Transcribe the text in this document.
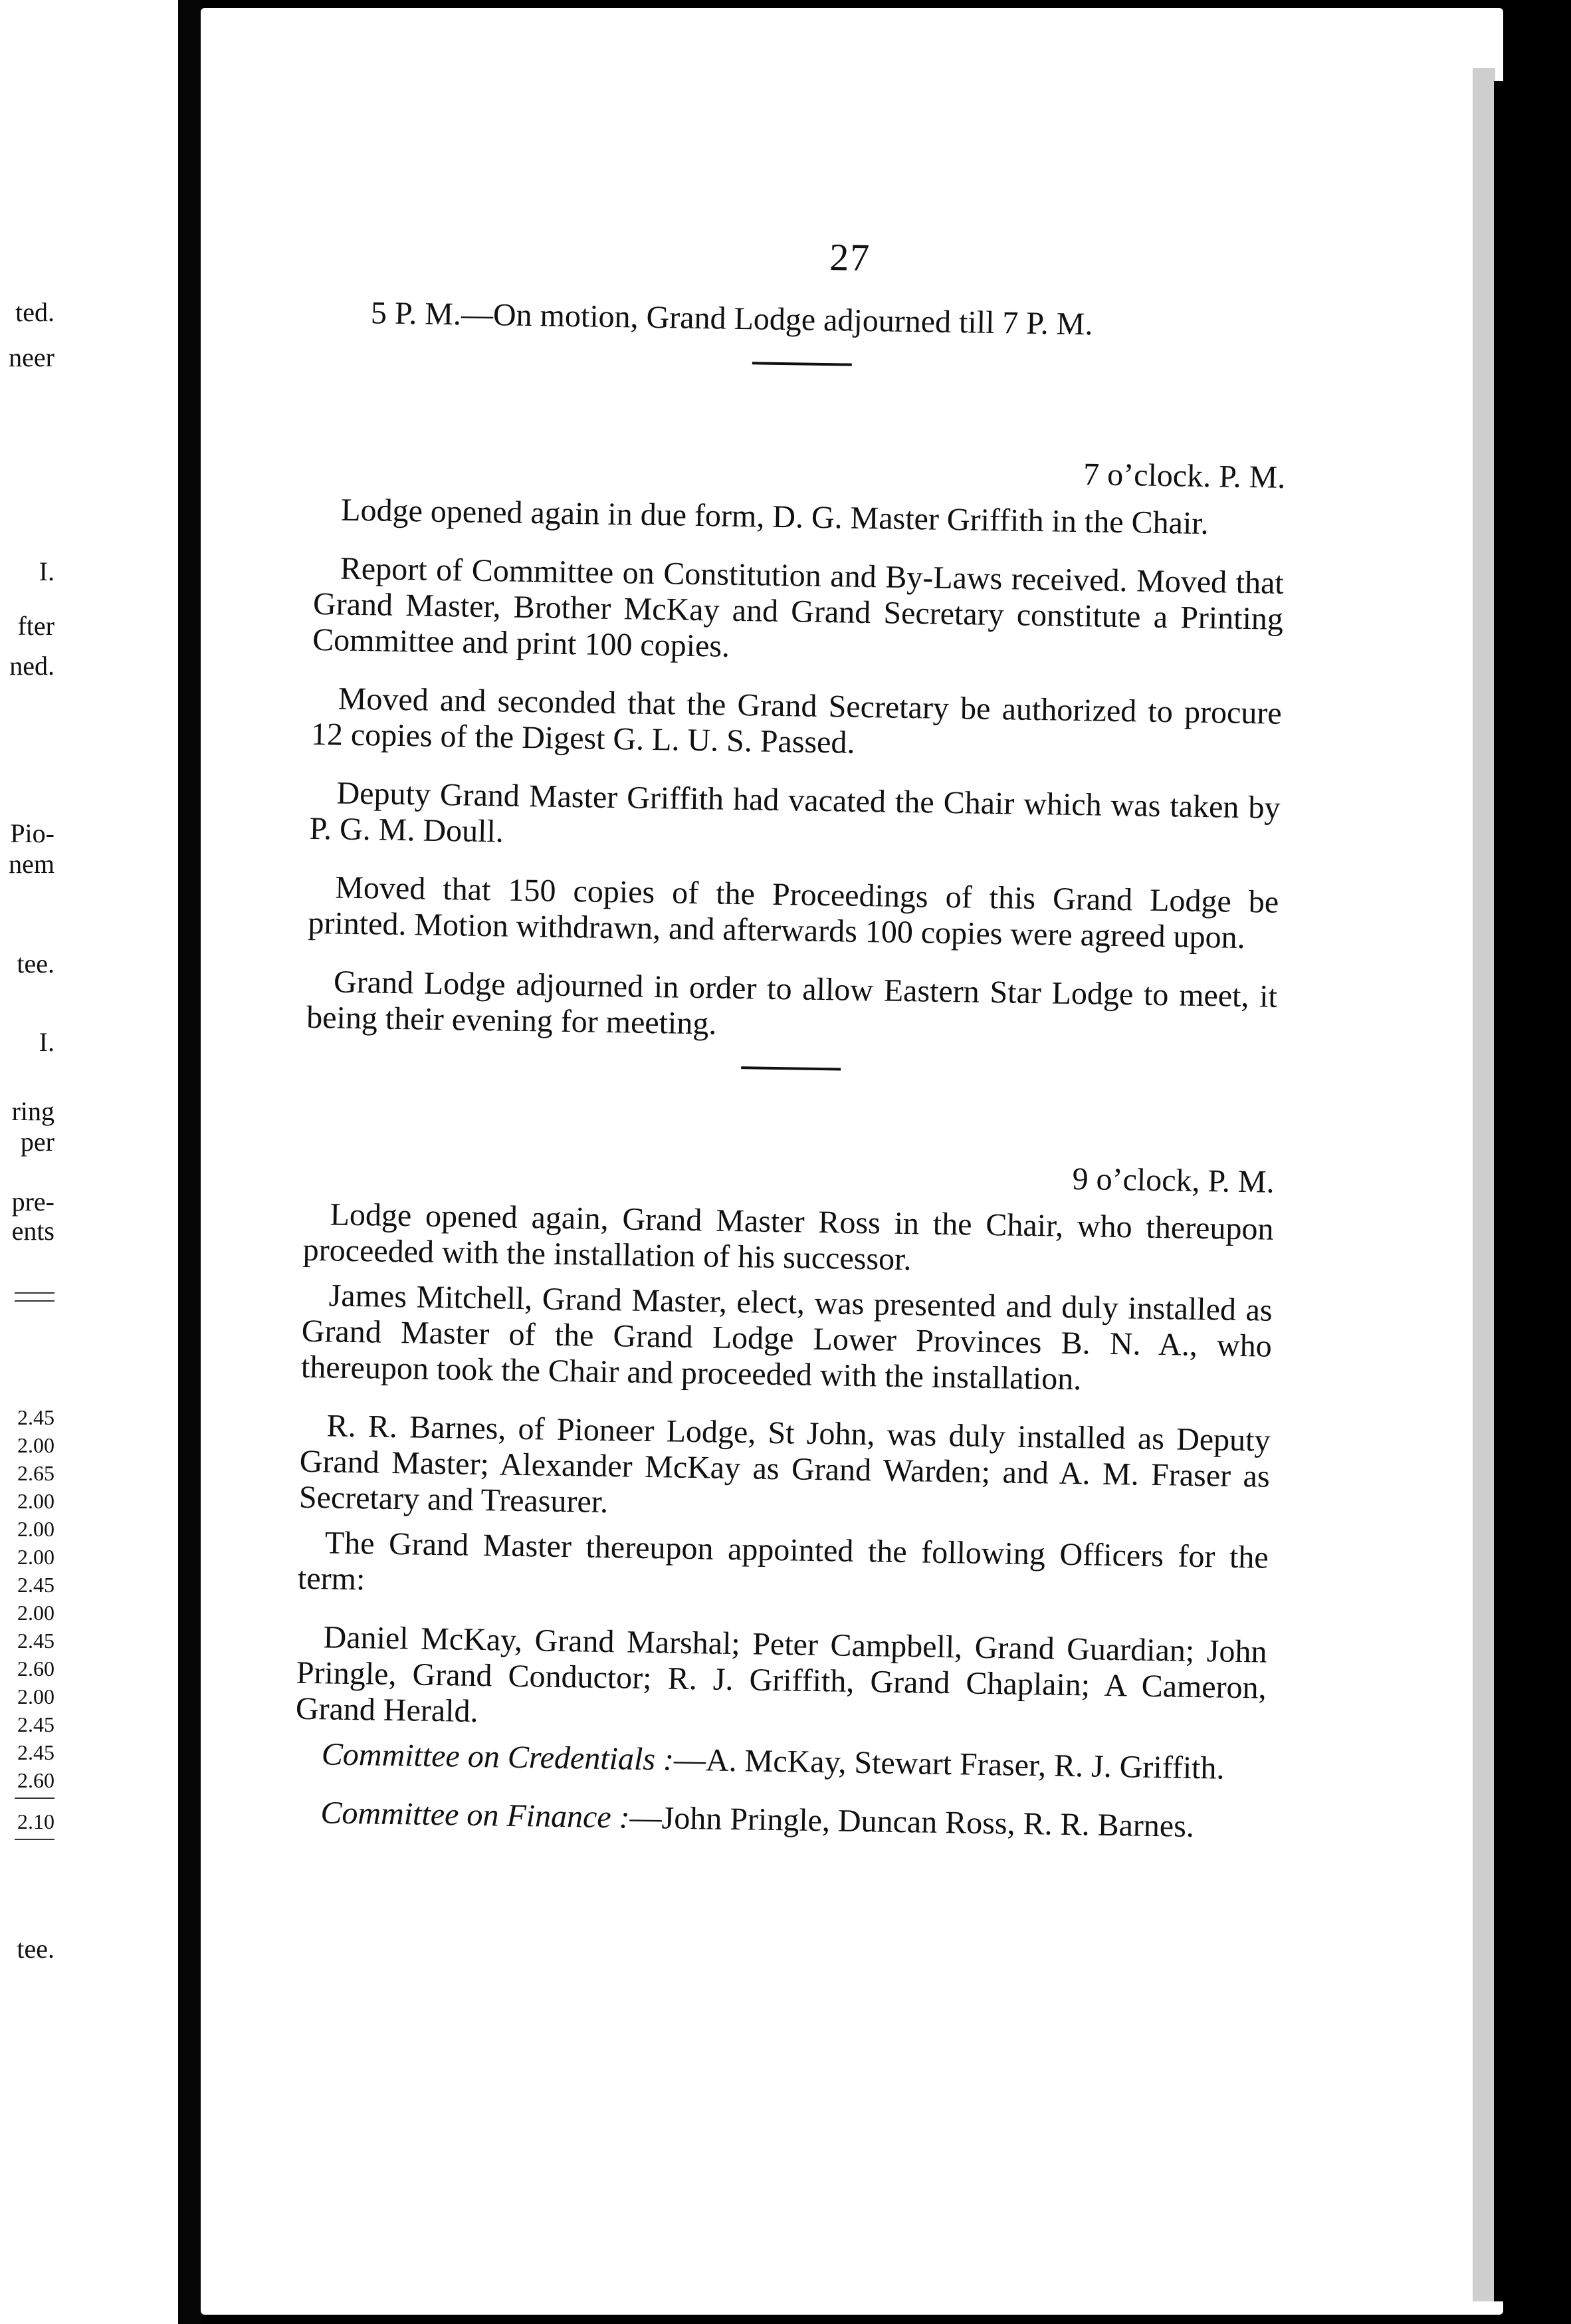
ted.
neer
I.
fter
ned.
Pio-
nem
tee.
I.
ring
per
pre-
ents
2.45
2.00
2.65
2.00
2.00
2.00
2.45
2.00
2.45
2.60
2.00
2.45
2.45
2.60
2.10
tee.
27
5 P. M.—On motion, Grand Lodge adjourned till 7 P. M.
7 o’clock. P. M.

Lodge opened again in due form, D. G. Master Griffith in the Chair.

Report of Committee on Constitution and By-Laws received. Moved that Grand Master, Brother McKay and Grand Secretary constitute a Printing Committee and print 100 copies.

Moved and seconded that the Grand Secretary be authorized to procure 12 copies of the Digest G. L. U. S. Passed.

Deputy Grand Master Griffith had vacated the Chair which was taken by P. G. M. Doull.

Moved that 150 copies of the Proceedings of this Grand Lodge be printed. Motion withdrawn, and afterwards 100 copies were agreed upon.

Grand Lodge adjourned in order to allow Eastern Star Lodge to meet, it being their evening for meeting.

9 o’clock, P. M.

Lodge opened again, Grand Master Ross in the Chair, who thereupon proceeded with the installation of his successor.

James Mitchell, Grand Master, elect, was presented and duly installed as Grand Master of the Grand Lodge Lower Provinces B. N. A., who thereupon took the Chair and proceeded with the installation.

R. R. Barnes, of Pioneer Lodge, St John, was duly installed as Deputy Grand Master; Alexander McKay as Grand Warden; and A. M. Fraser as Secretary and Treasurer.

The Grand Master thereupon appointed the following Officers for the term:

Daniel McKay, Grand Marshal; Peter Campbell, Grand Guardian; John Pringle, Grand Conductor; R. J. Griffith, Grand Chaplain; A Cameron, Grand Herald.

Committee on Credentials :—A. McKay, Stewart Fraser, R. J. Griffith.

Committee on Finance :—John Pringle, Duncan Ross, R. R. Barnes.
